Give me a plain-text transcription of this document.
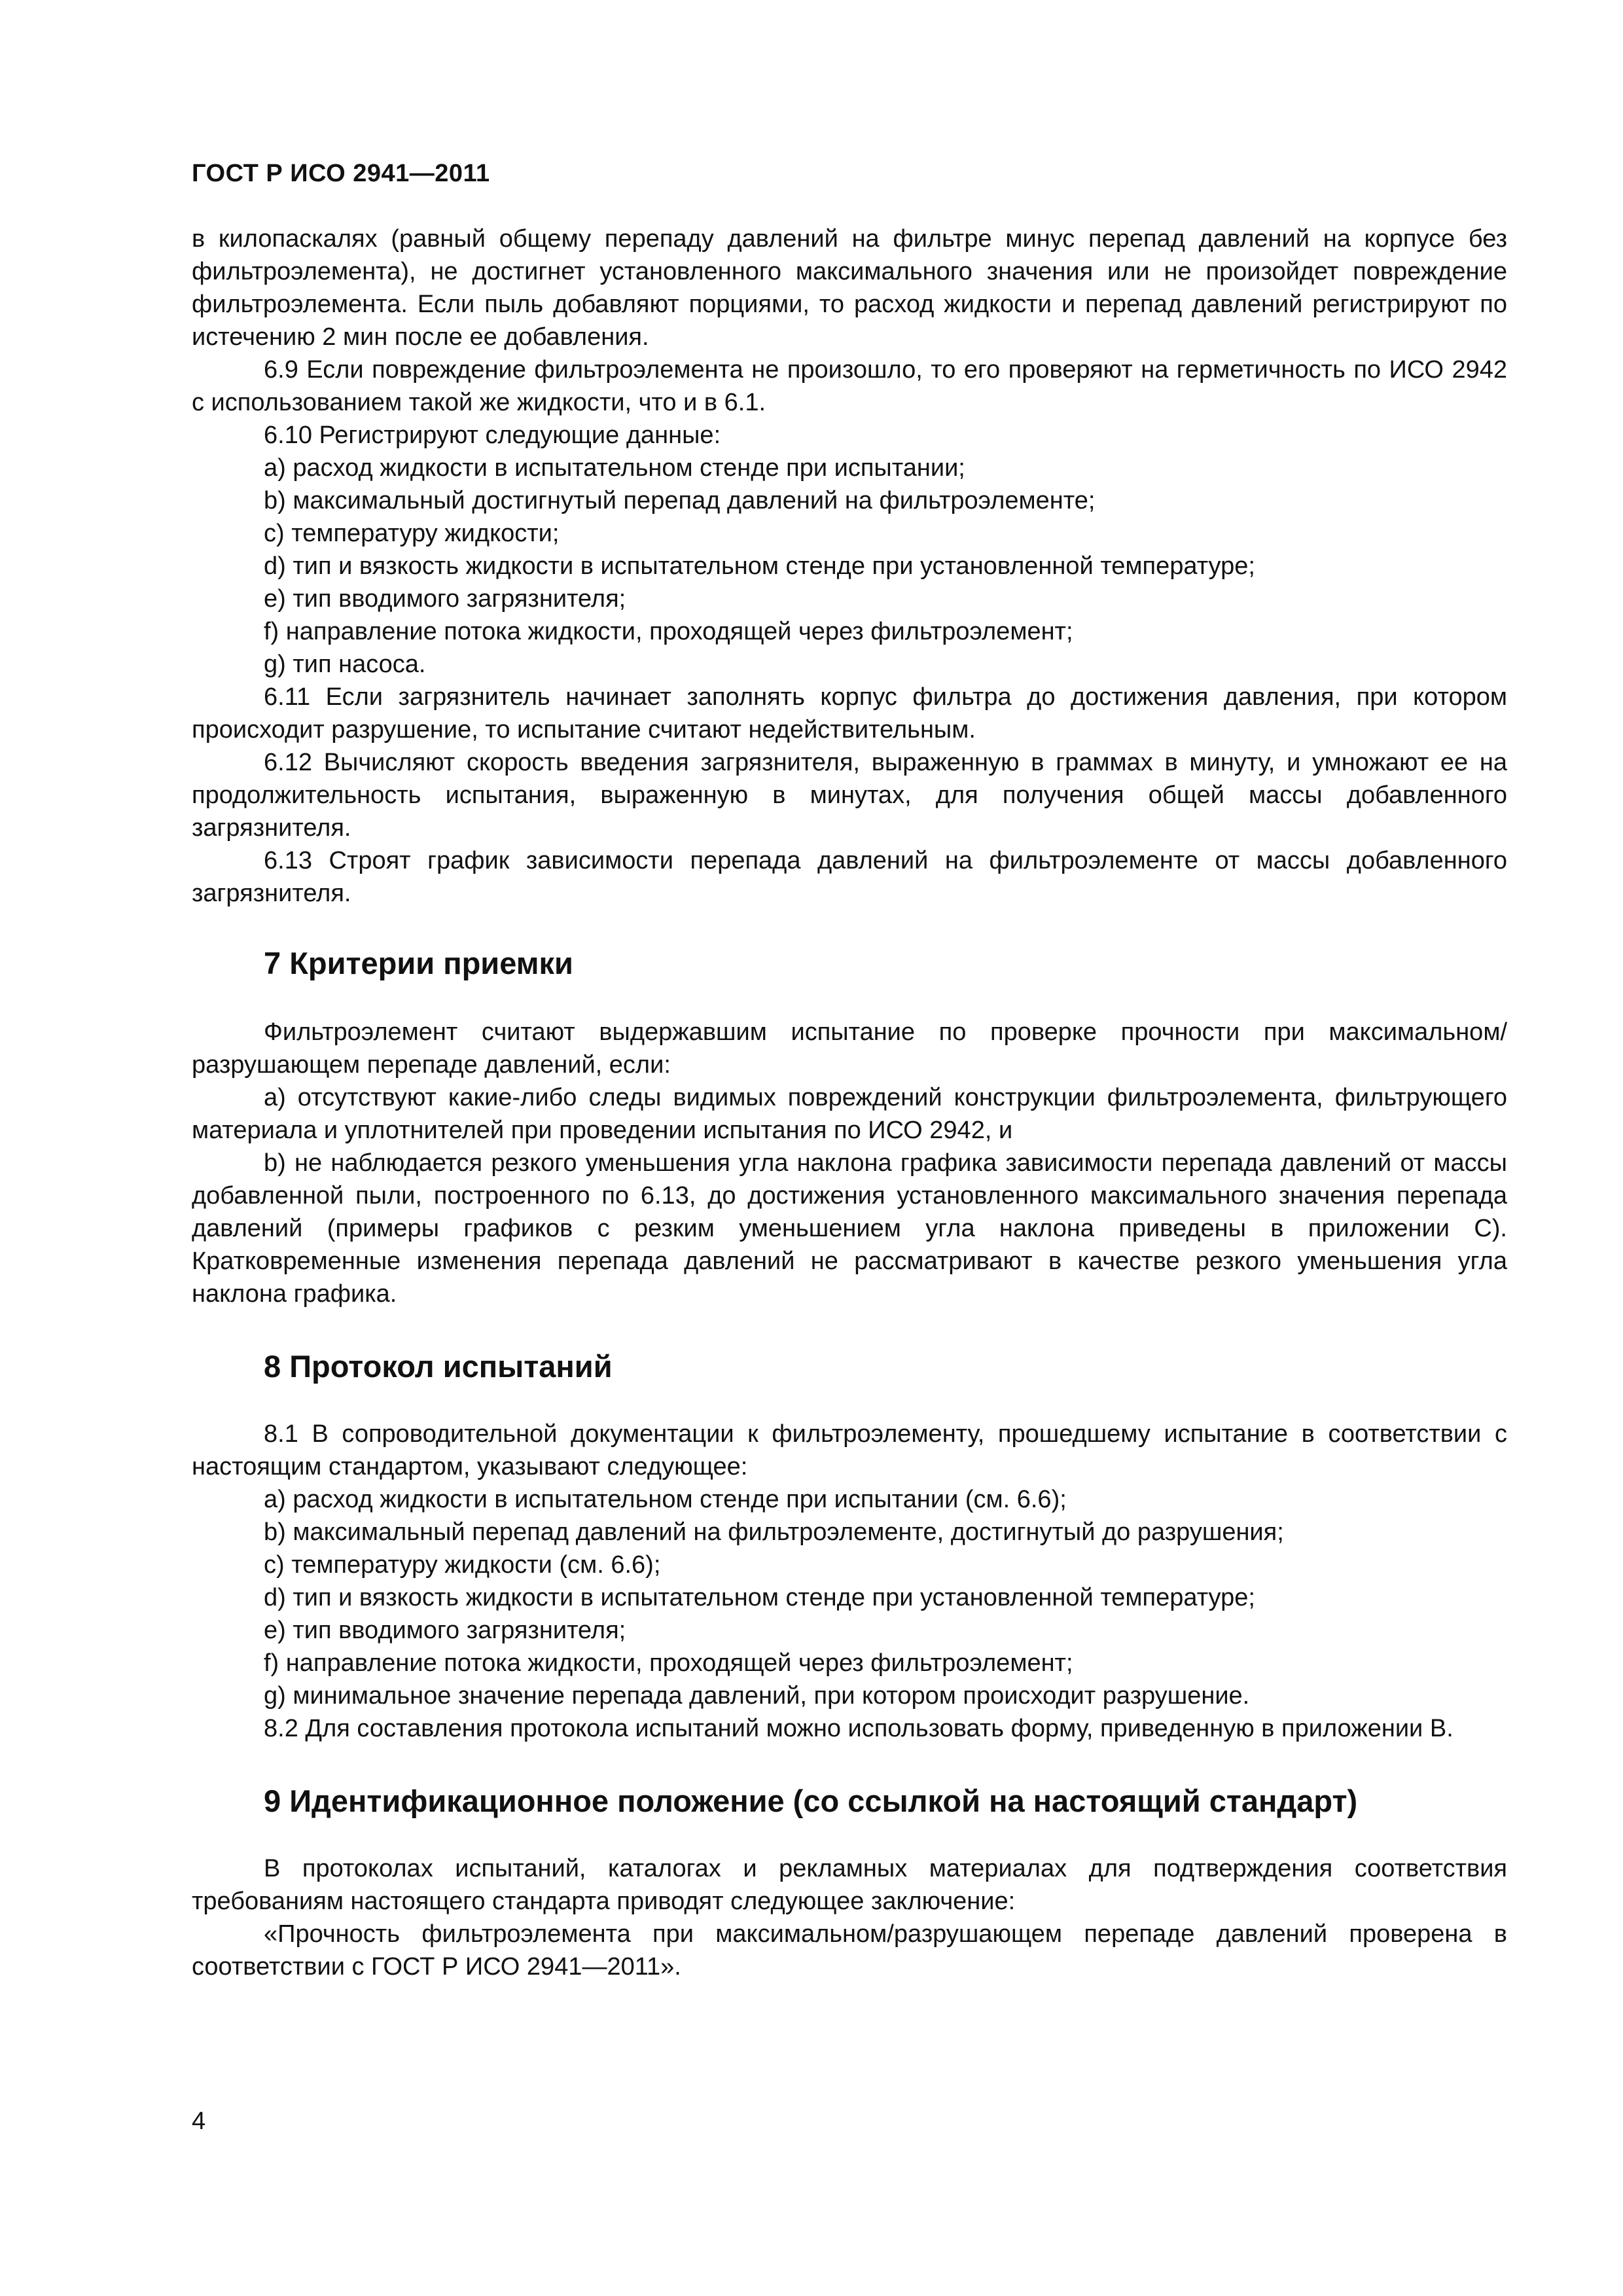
ГОСТ Р ИСО 2941—2011

в килопаскалях (равный общему перепаду давлений на фильтре минус перепад давлений на корпусе без фильтроэлемента), не достигнет установленного максимального значения или не произойдет повреждение фильтроэлемента. Если пыль добавляют порциями, то расход жидкости и перепад давлений регистрируют по истечению 2 мин после ее добавления.

6.9 Если повреждение фильтроэлемента не произошло, то его проверяют на герметичность по ИСО 2942 с использованием такой же жидкости, что и в 6.1.

6.10 Регистрируют следующие данные:

a) расход жидкости в испытательном стенде при испытании;

b) максимальный достигнутый перепад давлений на фильтроэлементе;

c) температуру жидкости;

d) тип и вязкость жидкости в испытательном стенде при установленной температуре;

e) тип вводимого загрязнителя;

f) направление потока жидкости, проходящей через фильтроэлемент;

g) тип насоса.

6.11 Если загрязнитель начинает заполнять корпус фильтра до достижения давления, при котором происходит разрушение, то испытание считают недействительным.

6.12 Вычисляют скорость введения загрязнителя, выраженную в граммах в минуту, и умножают ее на продолжительность испытания, выраженную в минутах, для получения общей массы добавленного загрязнителя.

6.13 Строят график зависимости перепада давлений на фильтроэлементе от массы добавленного загрязнителя.

7 Критерии приемки

Фильтроэлемент считают выдержавшим испытание по проверке прочности при максимальном/разрушающем перепаде давлений, если:

a) отсутствуют какие-либо следы видимых повреждений конструкции фильтроэлемента, фильтрующего материала и уплотнителей при проведении испытания по ИСО 2942, и

b) не наблюдается резкого уменьшения угла наклона графика зависимости перепада давлений от массы добавленной пыли, построенного по 6.13, до достижения установленного максимального значения перепада давлений (примеры графиков с резким уменьшением угла наклона приведены в приложении С). Кратковременные изменения перепада давлений не рассматривают в качестве резкого уменьшения угла наклона графика.

8 Протокол испытаний

8.1 В сопроводительной документации к фильтроэлементу, прошедшему испытание в соответствии с настоящим стандартом, указывают следующее:

a) расход жидкости в испытательном стенде при испытании (см. 6.6);

b) максимальный перепад давлений на фильтроэлементе, достигнутый до разрушения;

c) температуру жидкости (см. 6.6);

d) тип и вязкость жидкости в испытательном стенде при установленной температуре;

e) тип вводимого загрязнителя;

f) направление потока жидкости, проходящей через фильтроэлемент;

g) минимальное значение перепада давлений, при котором происходит разрушение.

8.2 Для составления протокола испытаний можно использовать форму, приведенную в приложении В.

9 Идентификационное положение (со ссылкой на настоящий стандарт)

В протоколах испытаний, каталогах и рекламных материалах для подтверждения соответствия требованиям настоящего стандарта приводят следующее заключение:

«Прочность фильтроэлемента при максимальном/разрушающем перепаде давлений проверена в соответствии с ГОСТ Р ИСО 2941—2011».

4
